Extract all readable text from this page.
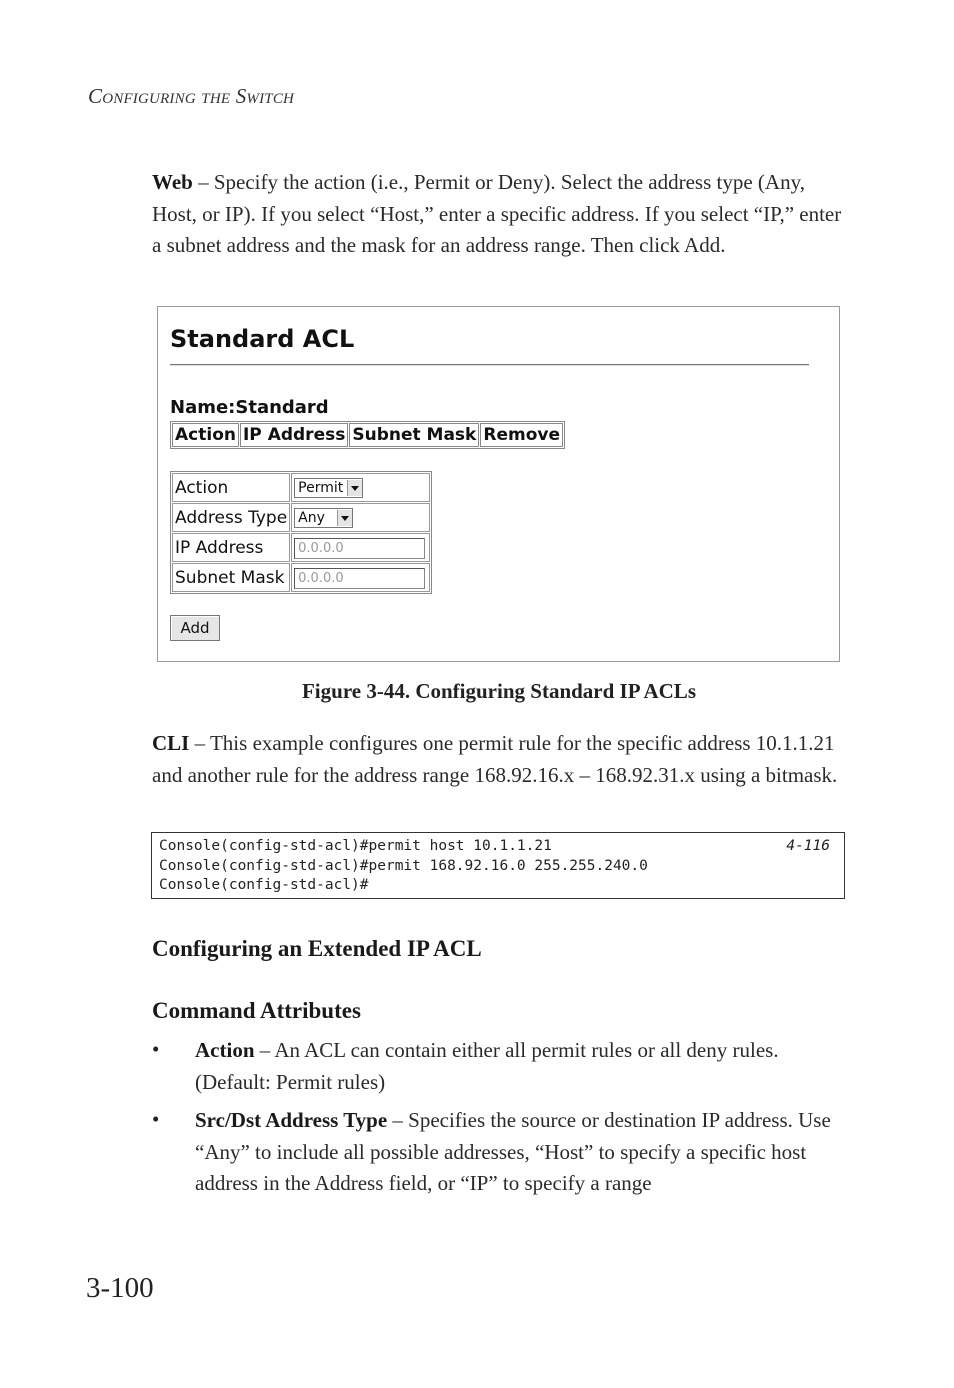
Configuring the Switch
Web – Specify the action (i.e., Permit or Deny). Select the address type (Any, Host, or IP). If you select “Host,” enter a specific address. If you select “IP,” enter a subnet address and the mask for an address range. Then click Add.
Standard ACL
Name:Standard
Action	IP Address	Subnet Mask	Remove
Action	Permit

Address Type	Any

IP Address	0.0.0.0
Subnet Mask	0.0.0.0
Add
Figure 3-44. Configuring Standard IP ACLs
CLI – This example configures one permit rule for the specific address 10.1.1.21 and another rule for the address range 168.92.16.x – 168.92.31.x using a bitmask.
Console(config-std-acl)#permit host 10.1.1.21
Console(config-std-acl)#permit 168.92.16.0 255.255.240.0
Console(config-std-acl)#
4-116
Configuring an Extended IP ACL
Command Attributes
• Action – An ACL can contain either all permit rules or all deny rules. (Default: Permit rules)
• Src/Dst Address Type – Specifies the source or destination IP address. Use “Any” to include all possible addresses, “Host” to specify a specific host address in the Address field, or “IP” to specify a range
3-100
